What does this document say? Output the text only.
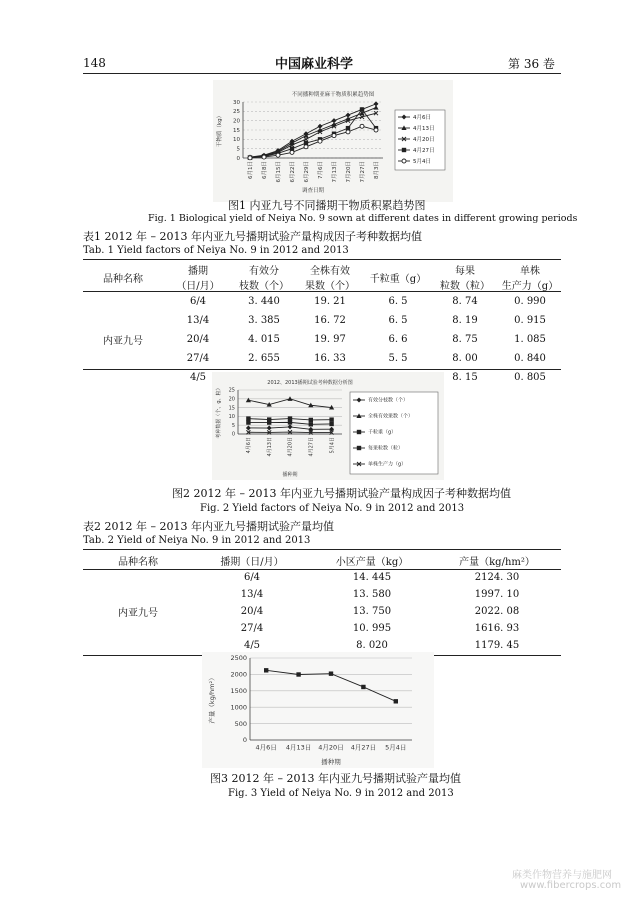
148	中国麻业科学	第 36 卷
不同播种期亚麻干物质积累趋势图
0
5
10
15
20
25
30
6月1日	6月8日	6月15日	6月22日	6月29日	7月6日	7月13日	7月20日	7月27日	8月3日
调查日期
干物质（kg）	4月6日
4月13日
4月20日
4月27日
5月4日
图1 内亚九号不同播期干物质积累趋势图
Fig. 1 Biological yield of Neiya No. 9 sown at different dates in different growing periods
表1 2012 年 – 2013 年内亚九号播期试验产量构成因子考种数据均值
Tab. 1 Yield factors of Neiya No. 9 in 2012 and 2013
品种名称	播期	有效分	全株有效	千粒重（g）	每果	单株
	（日/月）	枝数（个）	果数（个）		粒数（粒）	生产力（g）
内亚九号	6/4	3. 440	19. 21	6. 5	8. 74	0. 990
	13/4	3. 385	16. 72	6. 5	8. 19	0. 915
	20/4	4. 015	19. 97	6. 6	8. 75	1. 085
	27/4	2. 655	16. 33	5. 5	8. 00	0. 840
	4/5				8. 15	0. 805
2012、2013播期试验考种数据分析图
0
5
10
15
20
25
4月6日	4月13日	4月20日	4月27日	5月4日
播种期
考种数据（个、g、粒）	有效分枝数（个）
全株有效果数（个）
千粒重（g）
每果粒数（粒）
单株生产力（g）
图2 2012 年 – 2013 年内亚九号播期试验产量构成因子考种数据均值
Fig. 2 Yield factors of Neiya No. 9 in 2012 and 2013
表2 2012 年 – 2013 年内亚九号播期试验产量均值
Tab. 2 Yield of Neiya No. 9 in 2012 and 2013
品种名称	播期（日/月）	小区产量（kg）	产量（kg/hm²）
内亚九号	6/4	14. 445	2124. 30
	13/4	13. 580	1997. 10
	20/4	13. 750	2022. 08
	27/4	10. 995	1616. 93
	4/5	8. 020	1179. 45
0
500
1000
1500
2000
2500
4月6日 4月13日 4月20日 4月27日 5月4日
播种期
产量（kg/hm²）
图3 2012 年 – 2013 年内亚九号播期试验产量均值
Fig. 3 Yield of Neiya No. 9 in 2012 and 2013
麻类作物营养与施肥网
www.fibercrops.com
